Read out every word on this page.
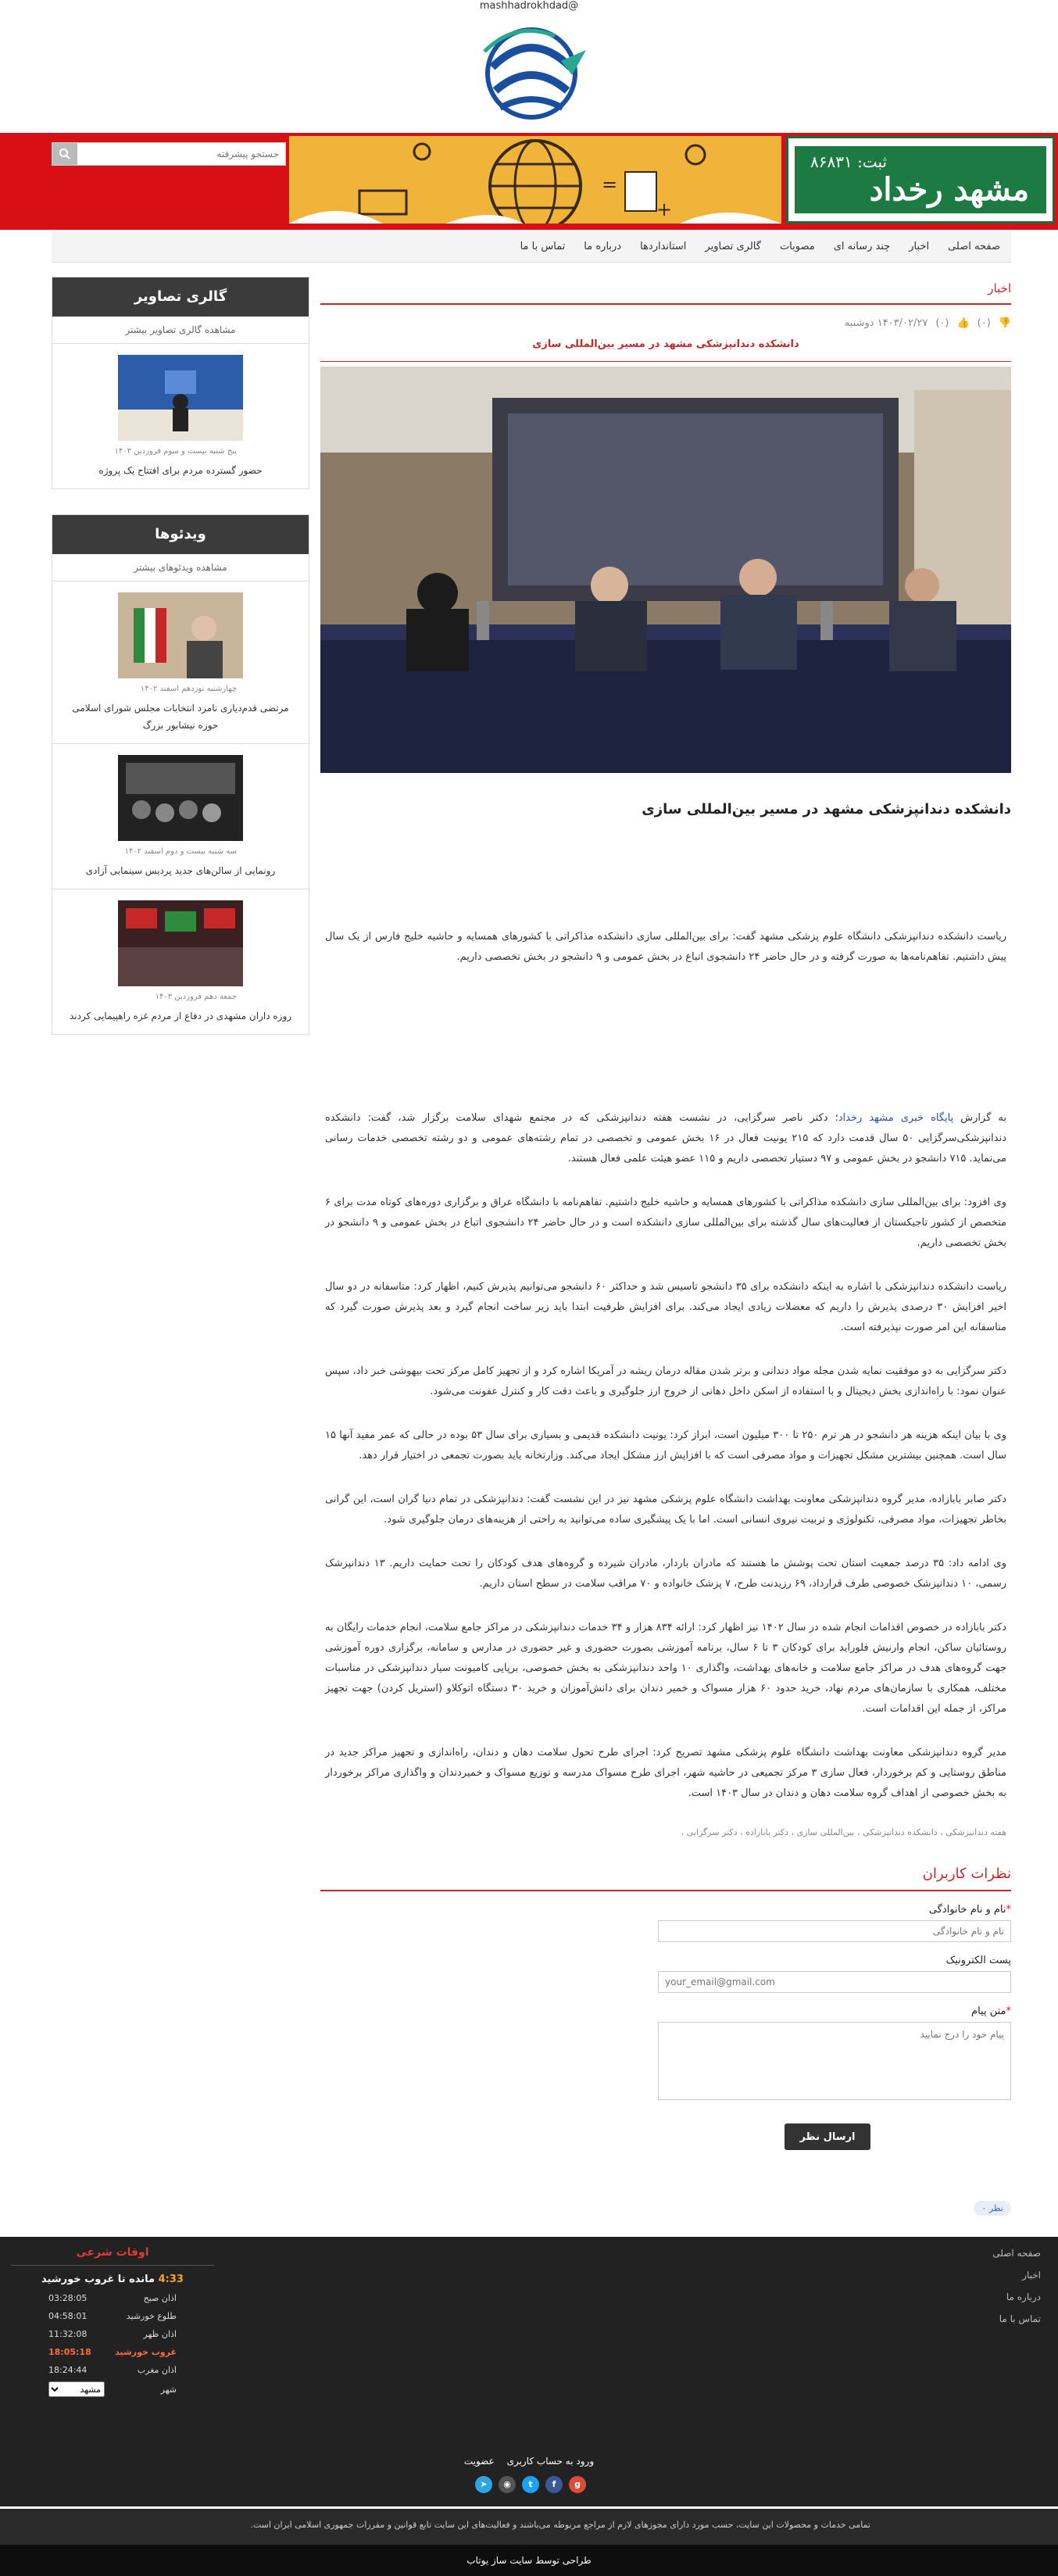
mashhadrokhdad@
جستجو پیشرفته
=
+
مشهد رخداد
ثبت: ۸۶۸۳۱
صفحه اصلی
اخبار
چند رسانه ای
مصوبات
گالری تصاویر
استانداردها
درباره ما
تماس با ما
اخبار
👎
(۰)
👍
(۰)
۱۴۰۳/۰۲/۲۷ دوشنبه
دانشکده دندانپزشکی مشهد در مسیر بین‌المللی سازی
دانشکده دندانپزشکی مشهد در مسیر بین‌المللی سازی
ریاست دانشکده دندانپزشکی دانشگاه علوم پزشکی مشهد گفت: برای بین‌المللی سازی دانشکده مذاکراتی با کشورهای همسایه و حاشیه خلیج فارس از یک سال پیش داشتیم. تفاهم‌نامه‌ها به صورت گرفته و در حال حاضر ۲۴ دانشجوی اتباع در بخش عمومی و ۹ دانشجو در بخش تخصصی داریم.

به گزارش پایگاه خبری مشهد رخداد؛ دکتر ناصر سرگزایی، در نشست هفته دندانپزشکی که در مجتمع شهدای سلامت برگزار شد، گفت: دانشکده دندانپزشکی‌سرگزایی ۵۰ سال قدمت دارد که ۲۱۵ یونیت فعال در ۱۶ بخش عمومی و تخصصی در تمام رشته‌های عمومی و دو رشته تخصصی خدمات رسانی می‌نماید. ۷۱۵ دانشجو در بخش عمومی و ۹۷ دستیار تخصصی داریم و ۱۱۵ عضو هیئت علمی فعال هستند.

وی افزود: برای بین‌المللی سازی دانشکده مذاکراتی با کشورهای همسایه و حاشیه خلیج داشتیم. تفاهم‌نامه با دانشگاه عراق و برگزاری دوره‌های کوتاه مدت برای ۶ متخصص از کشور تاجیکستان از فعالیت‌های سال گذشته برای بین‌المللی سازی دانشکده است و در حال حاضر ۲۴ دانشجوی اتباع در بخش عمومی و ۹ دانشجو در بخش تخصصی داریم.

ریاست دانشکده دندانپزشکی با اشاره به اینکه دانشکده برای ۳۵ دانشجو تاسیس شد و حداکثر ۶۰ دانشجو می‌توانیم پذیرش کنیم، اظهار کرد: متاسفانه در دو سال اخیر افزایش ۳۰ درصدی پذیرش را داریم که معضلات زیادی ایجاد می‌کند. برای افزایش ظرفیت ابتدا باید زیر ساخت انجام گیرد و بعد پذیرش صورت گیرد که متاسفانه این امر صورت نپذیرفته است.

دکتر سرگزایی به دو موفقیت نمایه شدن مجله مواد دندانی و برتر شدن مقاله درمان ریشه در آمریکا اشاره کرد و از تجهیز کامل مرکز تحت بیهوشی خبر داد، سپس عنوان نمود: با راه‌اندازی بخش دیجیتال و با استفاده از اسکن داخل دهانی از خروج ارز جلوگیری و باعث دقت کار و کنترل عفونت می‌شود.

وی با بیان اینکه هزینه هر دانشجو در هر ترم ۲۵۰ تا ۳۰۰ میلیون است، ابراز کرد: یونیت دانشکده قدیمی و بسیاری برای سال ۵۳ بوده در حالی که عمر مفید آنها ۱۵ سال است. همچنین بیشترین مشکل تجهیزات و مواد مصرفی است که با افزایش ارز مشکل ایجاد می‌کند. وزارتخانه باید بصورت تجمعی در اختیار قرار دهد.

دکتر صابر بابازاده، مدیر گروه دندانپزشکی معاونت بهداشت دانشگاه علوم پزشکی مشهد نیز در این نشست گفت: دندانپزشکی در تمام دنیا گران است، این گرانی بخاطر تجهیزات، مواد مصرفی، تکنولوژی و تربیت نیروی انسانی است. اما با یک پیشگیری ساده می‌توانید به راحتی از هزینه‌های درمان جلوگیری شود.

وی ادامه داد: ۳۵ درصد جمعیت استان تحت پوشش ما هستند که مادران باردار، مادران شیرده و گروه‌های هدف کودکان را تحت حمایت داریم. ۱۳ دندانپزشک رسمی، ۱۰ دندانپزشک خصوصی طرف قرارداد، ۶۹ رزیدنت طرح، ۷ پزشک خانواده و ۷۰ مراقب سلامت در سطح استان داریم.

دکتر بابازاده در خصوص اقدامات انجام شده در سال ۱۴۰۲ نیز اظهار کرد: ارائه ۸۳۴ هزار و ۳۴ خدمات دندانپزشکی در مراکز جامع سلامت، انجام خدمات رایگان به روستائیان ساکن، انجام وارنیش فلوراید برای کودکان ۳ تا ۶ سال، برنامه آموزشی بصورت حضوری و غیر حضوری در مدارس و سامانه، برگزاری دوره آموزشی جهت گروه‌های هدف در مراکز جامع سلامت و خانه‌های بهداشت، واگذاری ۱۰ واحد دندانپزشکی به بخش خصوصی، برپایی کامیونت سیار دندانپزشکی در مناسبات مختلف، همکاری با سازمان‌های مردم نهاد، خرید حدود ۶۰ هزار مسواک و خمیر دندان برای دانش‌آموزان و خرید ۳۰ دستگاه اتوکلاو (استریل کردن) جهت تجهیز مراکز، از جمله این اقدامات است.

مدیر گروه دندانپزشکی معاونت بهداشت دانشگاه علوم پزشکی مشهد تصریح کرد: اجرای طرح تحول سلامت دهان و دندان، راه‌اندازی و تجهیز مراکز جدید در مناطق روستایی و کم برخوردار، فعال سازی ۳ مرکز تجمیعی در حاشیه شهر، اجرای طرح مسواک مدرسه و توزیع مسواک و خمیردندان و واگذاری مراکز برخوردار به بخش خصوصی از اهداف گروه سلامت دهان و دندان در سال ۱۴۰۳ است.

هفته دندانپزشکی ، دانشکده دندانپزشکی ، بین‌المللی سازی ، دکتر بابازاده ، دکتر سرگزایی ،
نظرات کاربران
*نام و نام خانوادگی
نام و نام خانوادگی
پست الکترونیک
your_email@gmail.com
*متن پیام
پیام خود را درج نمایید
ارسال نظر
۰ نظر
گالری تصاویر
مشاهده گالری تصاویر بیشتر
پنج شنبه بیست و سوم فروردین ۱۴۰۳
حضور گسترده مردم برای افتتاح یک پروژه
ویدئوها
مشاهده ویدئوهای بیشتر
چهارشنبه نوزدهم اسفند ۱۴۰۲
مرتضی قدم‌دیاری نامزد انتخابات مجلس شورای اسلامی حوزه نیشابور بزرگ
سه شنبه بیست و دوم اسفند ۱۴۰۲
رونمایی از سالن‌های جدید پردیس سینمایی آزادی
جمعه دهم فروردین ۱۴۰۳
روزه داران مشهدی در دفاع از مردم غزه راهپیمایی کردند
صفحه اصلی
اخبار
درباره ما
تماس با ما
اوقات شرعی
4:33 مانده تا غروب خورشید
اذان صبح
03:28:05
طلوع خورشید
04:58:01
اذان ظهر
11:32:08
غروب خورشید
18:05:18
اذان مغرب
18:24:44
شهر
مشهد
ورود به حساب کاربری عضویت
➤	◉	t	f	g
تمامی خدمات و محصولات این سایت، حسب مورد دارای مجوزهای لازم از مراجع مربوطه می‌باشند و فعالیت‌های این سایت تابع قوانین و مقررات جمهوری اسلامی ایران است.
طراحی توسط سایت ساز یوتاب
